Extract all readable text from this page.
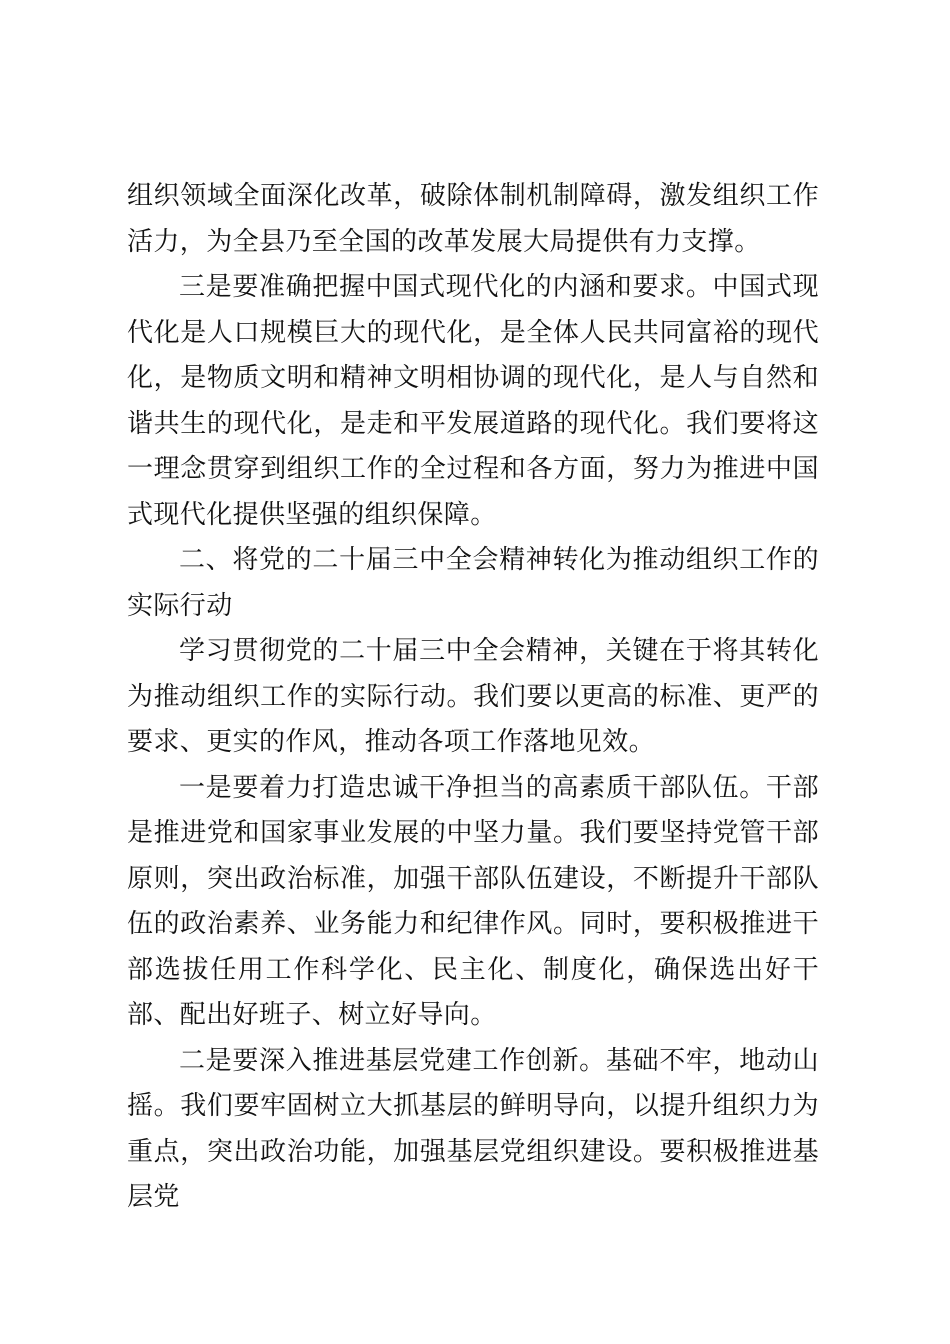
组织领域全面深化改革，破除体制机制障碍，激发组织工作活力，为全县乃至全国的改革发展大局提供有力支撑。

三是要准确把握中国式现代化的内涵和要求。中国式现代化是人口规模巨大的现代化，是全体人民共同富裕的现代化，是物质文明和精神文明相协调的现代化，是人与自然和谐共生的现代化，是走和平发展道路的现代化。我们要将这一理念贯穿到组织工作的全过程和各方面，努力为推进中国式现代化提供坚强的组织保障。

二、将党的二十届三中全会精神转化为推动组织工作的实际行动

学习贯彻党的二十届三中全会精神，关键在于将其转化为推动组织工作的实际行动。我们要以更高的标准、更严的要求、更实的作风，推动各项工作落地见效。

一是要着力打造忠诚干净担当的高素质干部队伍。干部是推进党和国家事业发展的中坚力量。我们要坚持党管干部原则，突出政治标准，加强干部队伍建设，不断提升干部队伍的政治素养、业务能力和纪律作风。同时，要积极推进干部选拔任用工作科学化、民主化、制度化，确保选出好干部、配出好班子、树立好导向。

二是要深入推进基层党建工作创新。基础不牢，地动山摇。我们要牢固树立大抓基层的鲜明导向，以提升组织力为重点，突出政治功能，加强基层党组织建设。要积极推进基层党
